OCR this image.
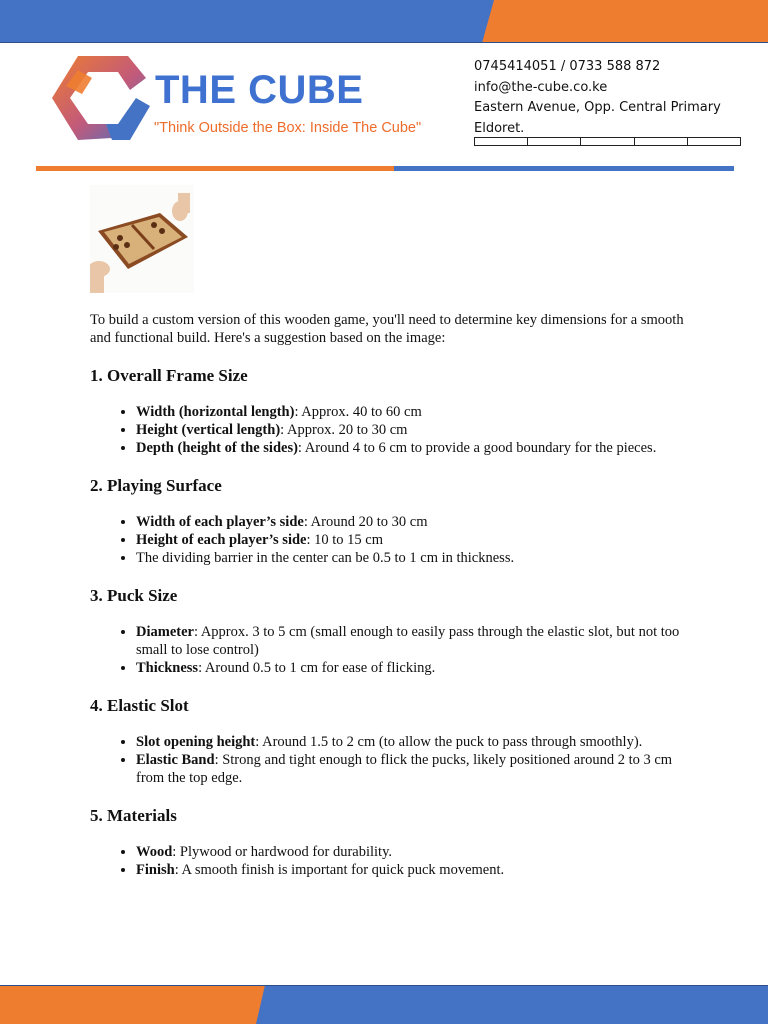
THE CUBE
"Think Outside the Box: Inside The Cube"
0745414051 / 0733 588 872
info@the-cube.co.ke
Eastern Avenue, Opp. Central Primary
Eldoret.

To build a custom version of this wooden game, you'll need to determine key dimensions for a smooth and functional build. Here's a suggestion based on the image:

1. Overall Frame Size
• Width (horizontal length): Approx. 40 to 60 cm
• Height (vertical length): Approx. 20 to 30 cm
• Depth (height of the sides): Around 4 to 6 cm to provide a good boundary for the pieces.
2. Playing Surface
• Width of each player’s side: Around 20 to 30 cm
• Height of each player’s side: 10 to 15 cm
• The dividing barrier in the center can be 0.5 to 1 cm in thickness.
3. Puck Size
• Diameter: Approx. 3 to 5 cm (small enough to easily pass through the elastic slot, but not too small to lose control)
• Thickness: Around 0.5 to 1 cm for ease of flicking.
4. Elastic Slot
• Slot opening height: Around 1.5 to 2 cm (to allow the puck to pass through smoothly).
• Elastic Band: Strong and tight enough to flick the pucks, likely positioned around 2 to 3 cm from the top edge.
5. Materials
• Wood: Plywood or hardwood for durability.
• Finish: A smooth finish is important for quick puck movement.
